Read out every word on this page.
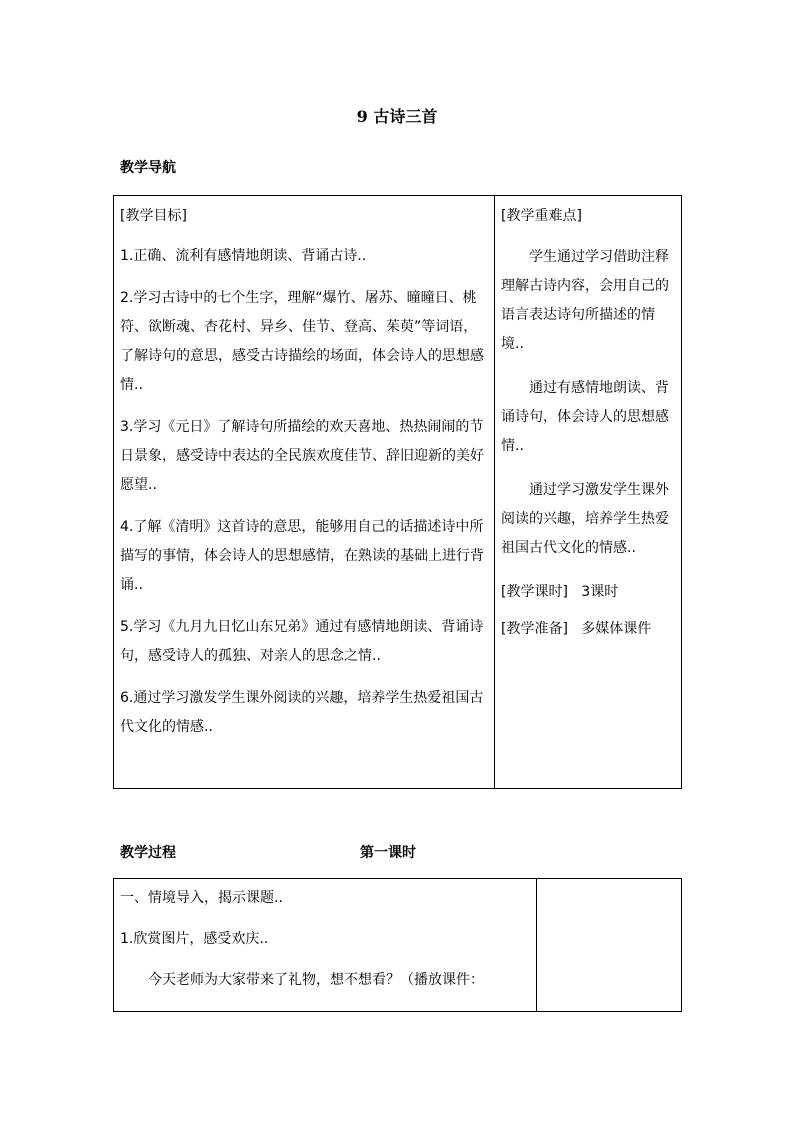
9 古诗三首
教学导航
[教学目标]
1.正确、流利有感情地朗读、背诵古诗..
2.学习古诗中的七个生字，理解“爆竹、屠苏、曈曈日、桃符、欲断魂、杏花村、异乡、佳节、登高、茱萸”等词语，了解诗句的意思，感受古诗描绘的场面，体会诗人的思想感情..
3.学习《元日》了解诗句所描绘的欢天喜地、热热闹闹的节日景象，感受诗中表达的全民族欢度佳节、辞旧迎新的美好愿望..
4.了解《清明》这首诗的意思，能够用自己的话描述诗中所描写的事情，体会诗人的思想感情，在熟读的基础上进行背诵..
5.学习《九月九日忆山东兄弟》通过有感情地朗读、背诵诗句，感受诗人的孤独、对亲人的思念之情..
6.通过学习激发学生课外阅读的兴趣，培养学生热爱祖国古代文化的情感..

[教学重难点]
学生通过学习借助注释理解古诗内容，会用自己的语言表达诗句所描述的情境..
通过有感情地朗读、背诵诗句，体会诗人的思想感情..
通过学习激发学生课外阅读的兴趣，培养学生热爱祖国古代文化的情感..
[教学课时] 3课时
[教学准备] 多媒体课件
教学过程	第一课时
一、情境导入，揭示课题..
1.欣赏图片，感受欢庆..
今天老师为大家带来了礼物，想不想看？（播放课件：
